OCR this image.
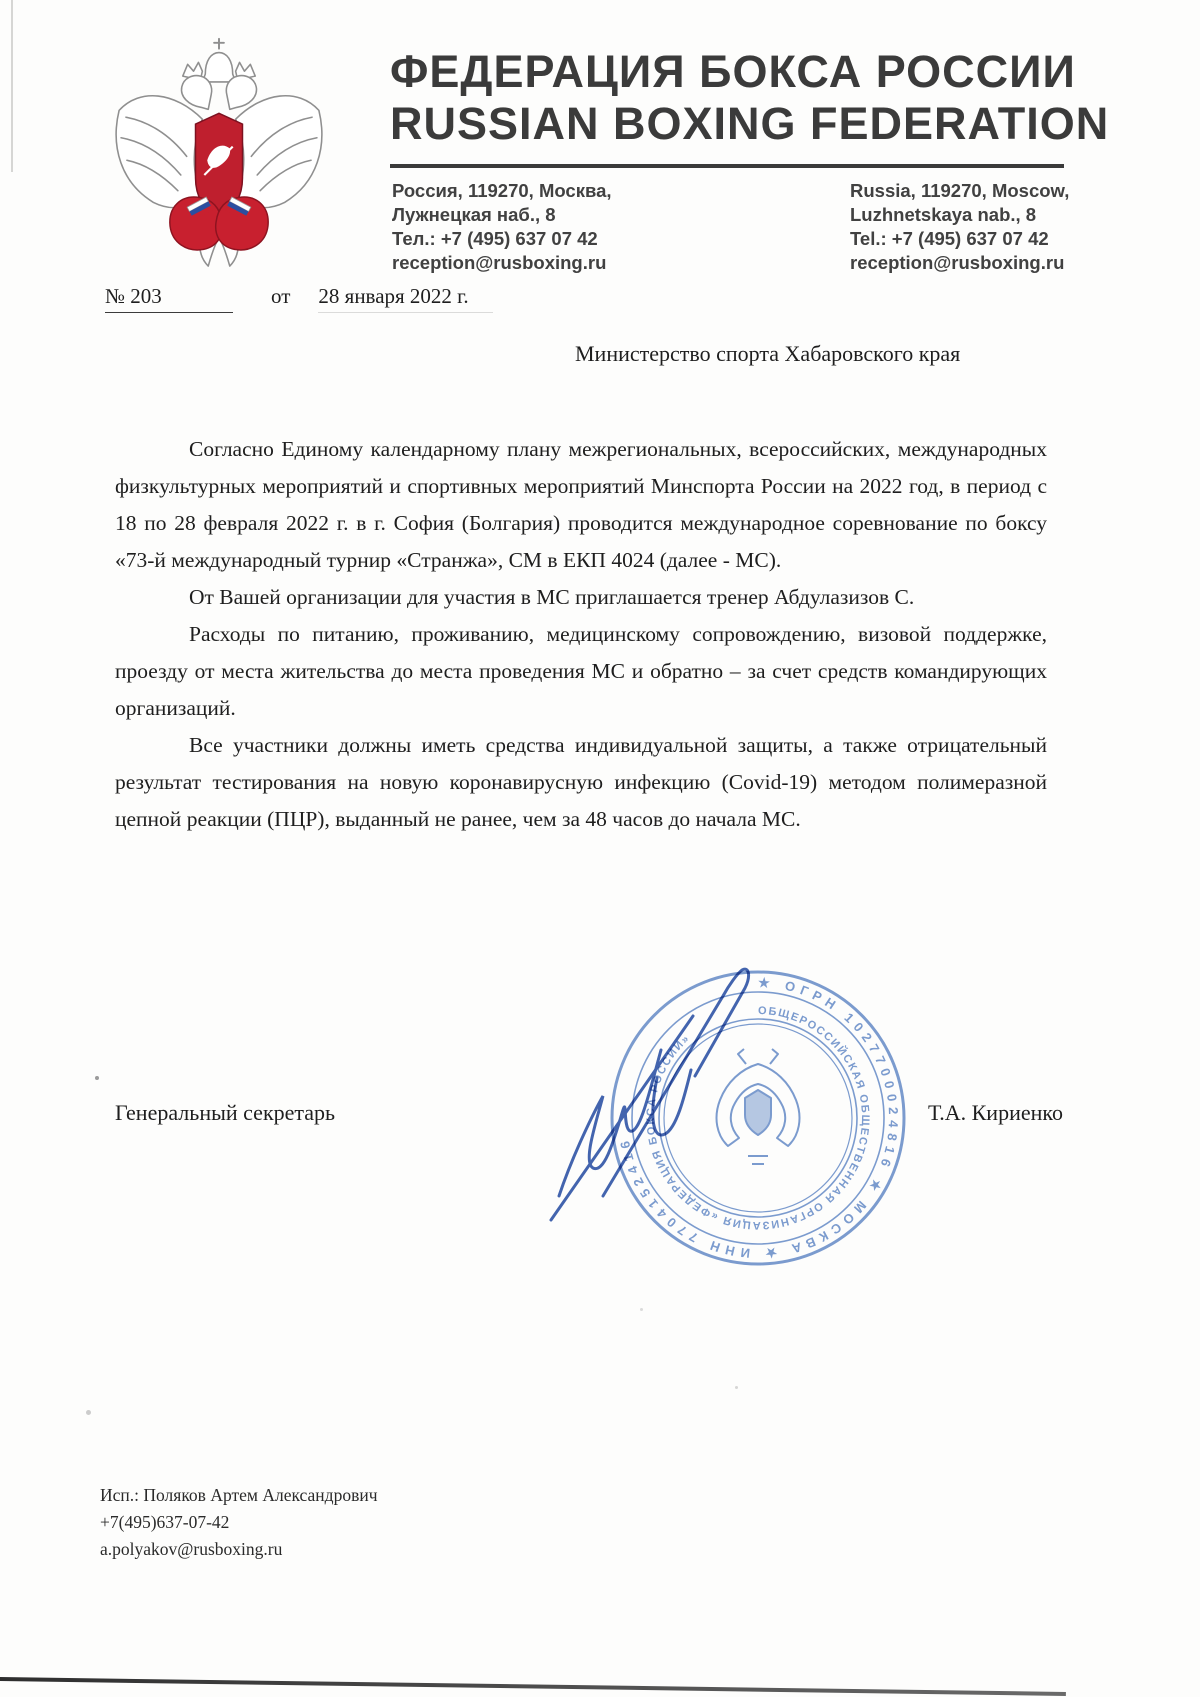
ФЕДЕРАЦИЯ БОКСА РОССИИ
RUSSIAN BOXING FEDERATION
Россия, 119270, Москва,
Лужнецкая наб., 8
Тел.: +7 (495) 637 07 42
reception@rusboxing.ru
Russia, 119270, Moscow,
Luzhnetskaya nab., 8
Tel.: +7 (495) 637 07 42
reception@rusboxing.ru
№ 203	от 28 января 2022 г.
Министерство спорта Хабаровского края

Согласно Единому календарному плану межрегиональных, всероссийских, международных физкультурных мероприятий и спортивных мероприятий Минспорта России на 2022 год, в период с 18 по 28 февраля 2022 г. в г. София (Болгария) проводится международное соревнование по боксу «73-й международный турнир «Странжа», СМ в ЕКП 4024 (далее - МС).

От Вашей организации для участия в МС приглашается тренер Абдулазизов С.

Расходы по питанию, проживанию, медицинскому сопровождению, визовой поддержке, проезду от места жительства до места проведения МС и обратно – за счет средств командирующих организаций.

Все участники должны иметь средства индивидуальной защиты, а также отрицательный результат тестирования на новую коронавирусную инфекцию (Covid-19) методом полимеразной цепной реакции (ПЦР), выданный не ранее, чем за 48 часов до начала МС.

Генеральный секретарь	Т.А. Кириенко
★ ОГРН 1027700024816 ★ МОСКВА ★ ИНН 7704152416
ОБЩЕРОССИЙСКАЯ ОБЩЕСТВЕННАЯ ОРГАНИЗАЦИЯ «ФЕДЕРАЦИЯ БОКСА РОССИИ»
Исп.: Поляков Артем Александрович
+7(495)637-07-42
a.polyakov@rusboxing.ru
